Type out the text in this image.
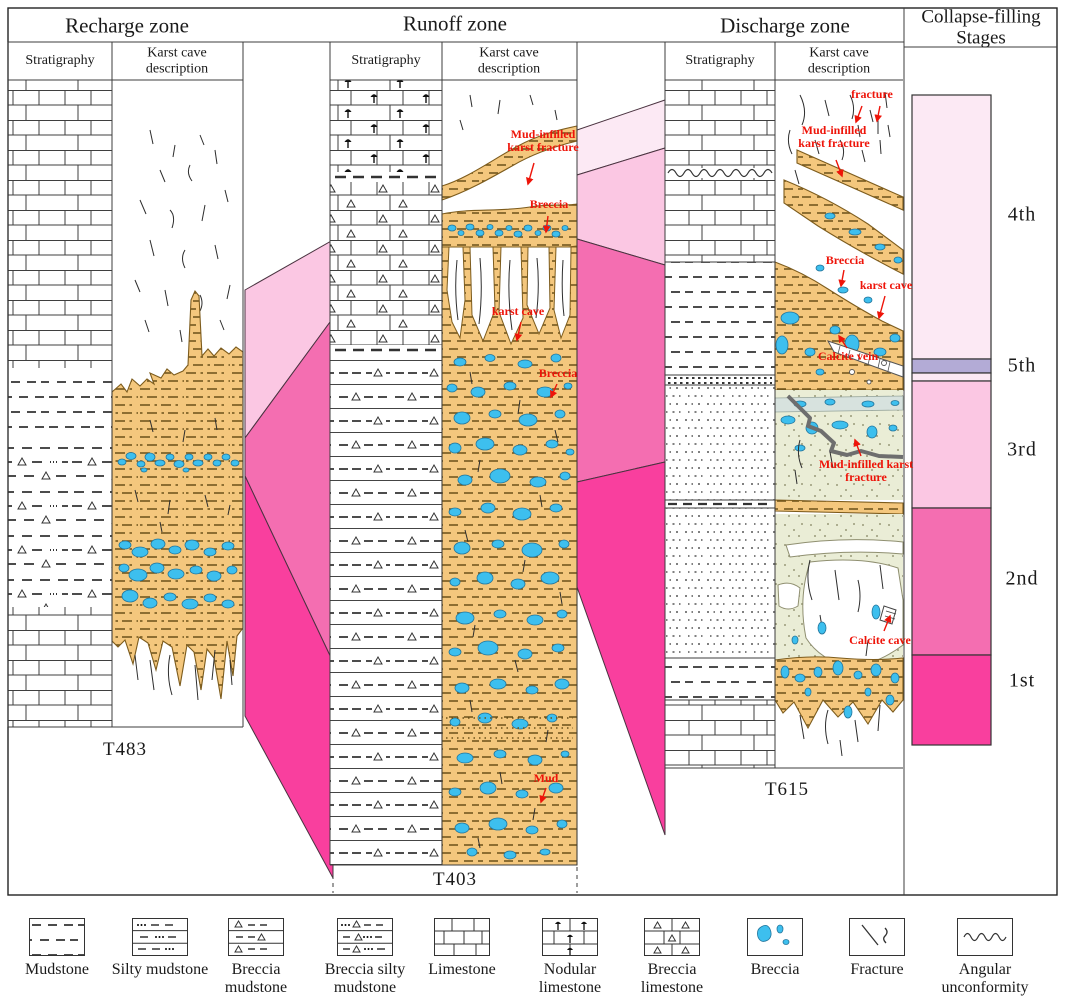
Recharge zone	Runoff zone	Discharge zone	Collapse-filling Stages
Stratigraphy
Karst cave description
Stratigraphy
Karst cave description
Stratigraphy
Karst cave description
T483
T403
T615
4th
5th
3rd
2nd
1st
Mud-infilled karst fracture
Breccia
karst cave
Breccia
Mud
fracture
Mud-infilled karst fracture
Breccia
karst cave
Calcite vein
Mud-infilled karst fracture
Calcite cave
Mudstone	Silty mudstone	Breccia mudstone
Breccia silty mudstone
Limestone	Nodular limestone
Breccia limestone
Breccia	Fracture	Angular unconformity
